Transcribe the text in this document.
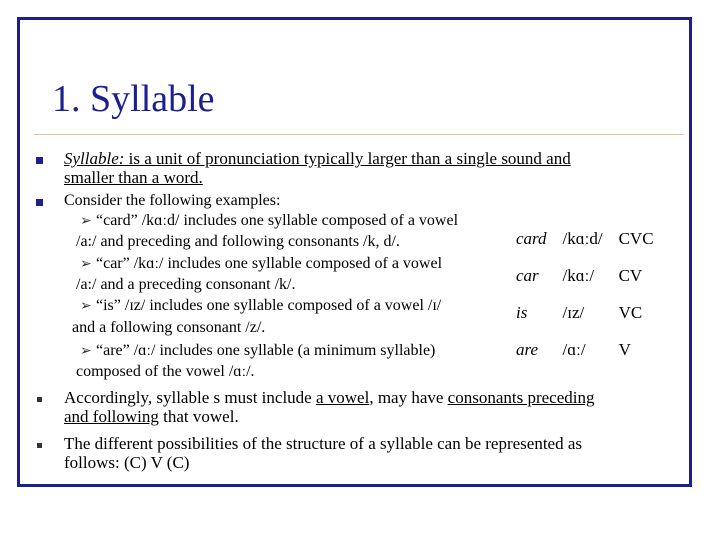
1. Syllable
Syllable: is a unit of pronunciation typically larger than a single sound and
smaller than a word.
Consider the following examples:
➢ “card” /kɑːd/ includes one syllable composed of a vowel
/a:/ and preceding and following consonants /k, d/.
➢ “car” /kɑː/ includes one syllable composed of a vowel
/a:/ and a preceding consonant /k/.
➢ “is” /ɪz/ includes one syllable composed of a vowel /ɪ/
and a following consonant /z/.
➢ “are” /ɑː/ includes one syllable (a minimum syllable)
composed of the vowel /ɑː/.
card	/kɑːd/	CVC
car	/kɑː/	CV
is	/ɪz/	VC
are	/ɑː/	V
Accordingly, syllable s must include a vowel, may have consonants preceding
and following that vowel.
The different possibilities of the structure of a syllable can be represented as
follows: (C) V (C)
